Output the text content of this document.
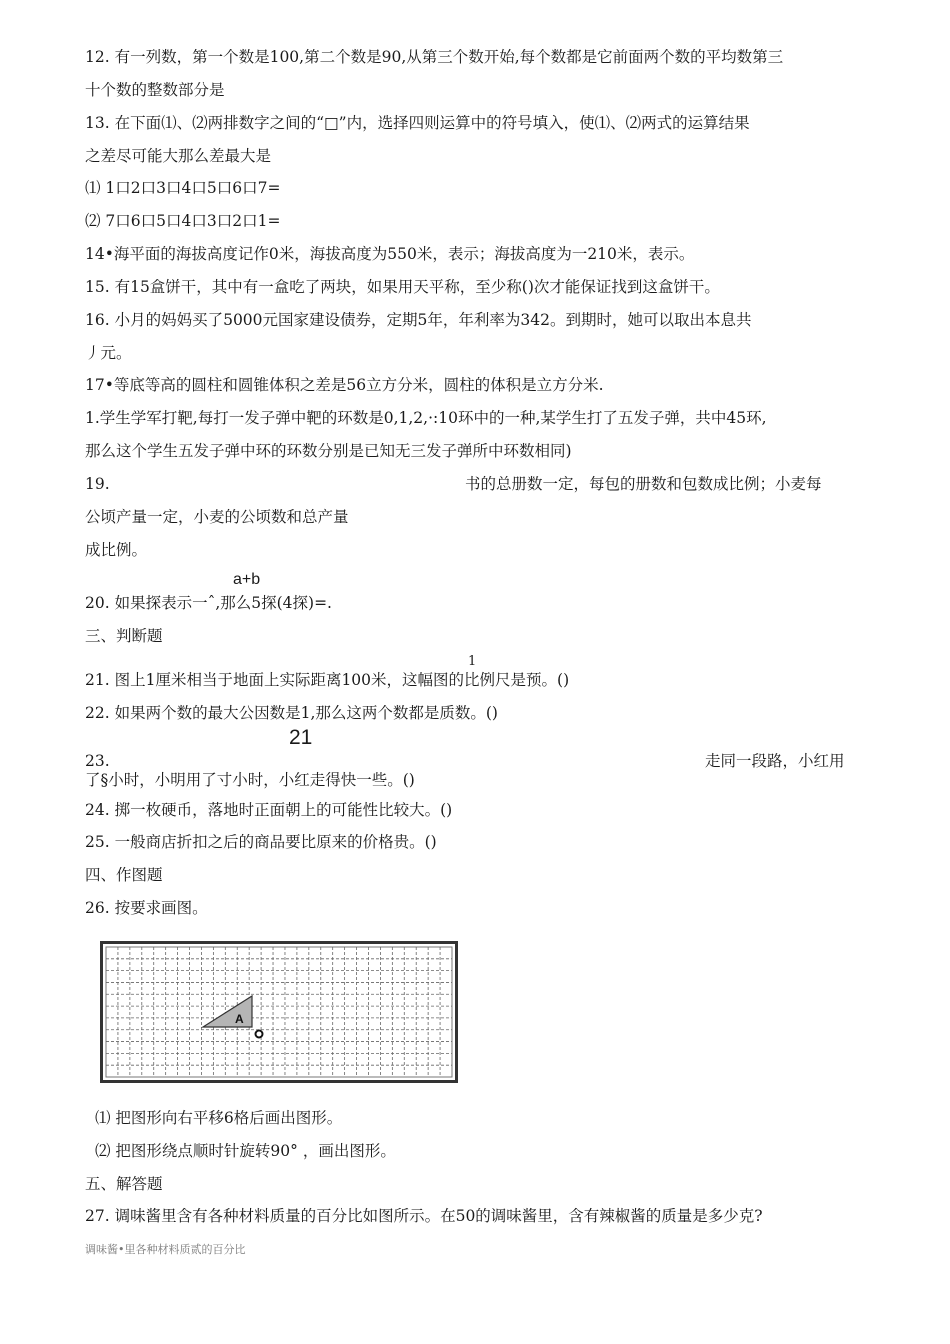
12. 有一列数，第一个数是100,第二个数是90,从第三个数开始,每个数都是它前面两个数的平均数第三
十个数的整数部分是
13. 在下面⑴、⑵两排数字之间的“□”内，选择四则运算中的符号填入，使⑴、⑵两式的运算结果
之差尽可能大那么差最大是
⑴ 1口2口3口4口5口6口7=
⑵ 7口6口5口4口3口2口1=
14•海平面的海拔高度记作0米，海拔高度为550米，表示；海拔高度为一210米，表示。
15. 有15盒饼干，其中有一盒吃了两块，如果用天平称，至少称()次才能保证找到这盒饼干。
16. 小月的妈妈买了5000元国家建设债券，定期5年，年利率为342。到期时，她可以取出本息共
丿元。
17•等底等高的圆柱和圆锥体积之差是56立方分米，圆柱的体积是立方分米.
1.学生学军打靶,每打一发子弹中靶的环数是0,1,2,·:10环中的一种,某学生打了五发子弹，共中45环,
那么这个学生五发子弹中环的环数分别是已知无三发子弹所中环数相同)
19.	书的总册数一定，每包的册数和包数成比例；小麦每
公顷产量一定，小麦的公顷数和总产量
成比例。
a+b
20. 如果探表示一ˆ,那么5探(4探)=.
三、判断题
1
21. 图上1厘米相当于地面上实际距离100米，这幅图的比例尺是预。()
22. 如果两个数的最大公因数是1,那么这两个数都是质数。()
21
23.	走同一段路，小红用
了§小时，小明用了寸小时，小红走得快一些。()
24. 掷一枚硬币，落地时正面朝上的可能性比较大。()
25. 一般商店折扣之后的商品要比原来的价格贵。()
四、作图题
26. 按要求画图。
A
⑴ 把图形向右平移6格后画出图形。
⑵ 把图形绕点顺时针旋转90° ，画出图形。
五、解答题
27. 调味酱里含有各种材料质量的百分比如图所示。在50的调味酱里，含有辣椒酱的质量是多少克?
调味酱•里各种材料质贰的百分比
